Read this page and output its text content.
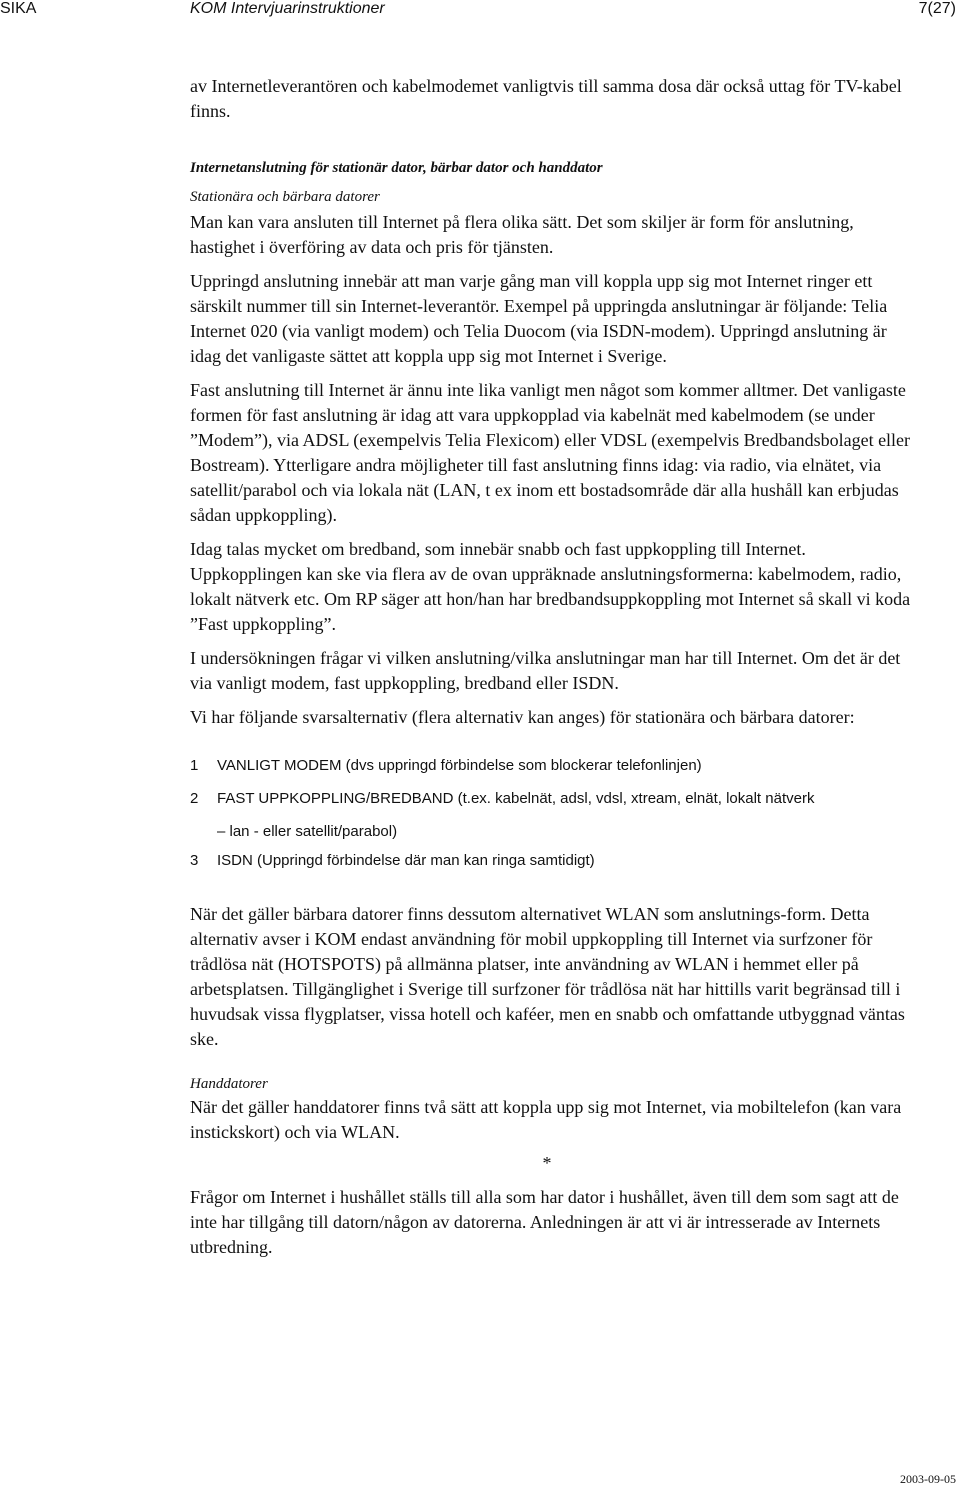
SIKA	KOM Intervjuarinstruktioner	7(27)

av Internetleverantören och kabelmodemet vanligtvis till samma dosa där också uttag för TV-kabel finns.

Internetanslutning för stationär dator, bärbar dator och handdator
Stationära och bärbara datorer

Man kan vara ansluten till Internet på flera olika sätt. Det som skiljer är form för anslutning, hastighet i överföring av data och pris för tjänsten.

Uppringd anslutning innebär att man varje gång man vill koppla upp sig mot Internet ringer ett särskilt nummer till sin Internet-leverantör. Exempel på uppringda anslutningar är följande: Telia Internet 020 (via vanligt modem) och Telia Duocom (via ISDN-modem). Uppringd anslutning är idag det vanligaste sättet att koppla upp sig mot Internet i Sverige.

Fast anslutning till Internet är ännu inte lika vanligt men något som kommer alltmer. Det vanligaste formen för fast anslutning är idag att vara uppkopplad via kabelnät med kabelmodem (se under ”Modem”), via ADSL (exempelvis Telia Flexicom) eller VDSL (exempelvis Bredbandsbolaget eller Bostream). Ytterligare andra möjligheter till fast anslutning finns idag: via radio, via elnätet, via satellit/parabol och via lokala nät (LAN, t ex inom ett bostadsområde där alla hushåll kan erbjudas sådan uppkoppling).

Idag talas mycket om bredband, som innebär snabb och fast uppkoppling till Internet. Uppkopplingen kan ske via flera av de ovan uppräknade anslutningsformerna: kabelmodem, radio, lokalt nätverk etc. Om RP säger att hon/han har bredbandsuppkoppling mot Internet så skall vi koda ”Fast uppkoppling”.

I undersökningen frågar vi vilken anslutning/vilka anslutningar man har till Internet. Om det är det via vanligt modem, fast uppkoppling, bredband eller ISDN.

Vi har följande svarsalternativ (flera alternativ kan anges) för stationära och bärbara datorer:

1	VANLIGT MODEM (dvs uppringd förbindelse som blockerar telefonlinjen)
2	FAST UPPKOPPLING/BREDBAND (t.ex. kabelnät, adsl, vdsl, xtream, elnät, lokalt nätverk
– lan - eller satellit/parabol)
3	ISDN (Uppringd förbindelse där man kan ringa samtidigt)

När det gäller bärbara datorer finns dessutom alternativet WLAN som anslutnings-form. Detta alternativ avser i KOM endast användning för mobil uppkoppling till Internet via surfzoner för trådlösa nät (HOTSPOTS) på allmänna platser, inte användning av WLAN i hemmet eller på arbetsplatsen. Tillgänglighet i Sverige till surfzoner för trådlösa nät har hittills varit begränsad till i huvudsak vissa flygplatser, vissa hotell och kaféer, men en snabb och omfattande utbyggnad väntas ske.

Handdatorer

När det gäller handdatorer finns två sätt att koppla upp sig mot Internet, via mobiltelefon (kan vara instickskort) och via WLAN.

*

Frågor om Internet i hushållet ställs till alla som har dator i hushållet, även till dem som sagt att de inte har tillgång till datorn/någon av datorerna. Anledningen är att vi är intresserade av Internets utbredning.

2003-09-05
